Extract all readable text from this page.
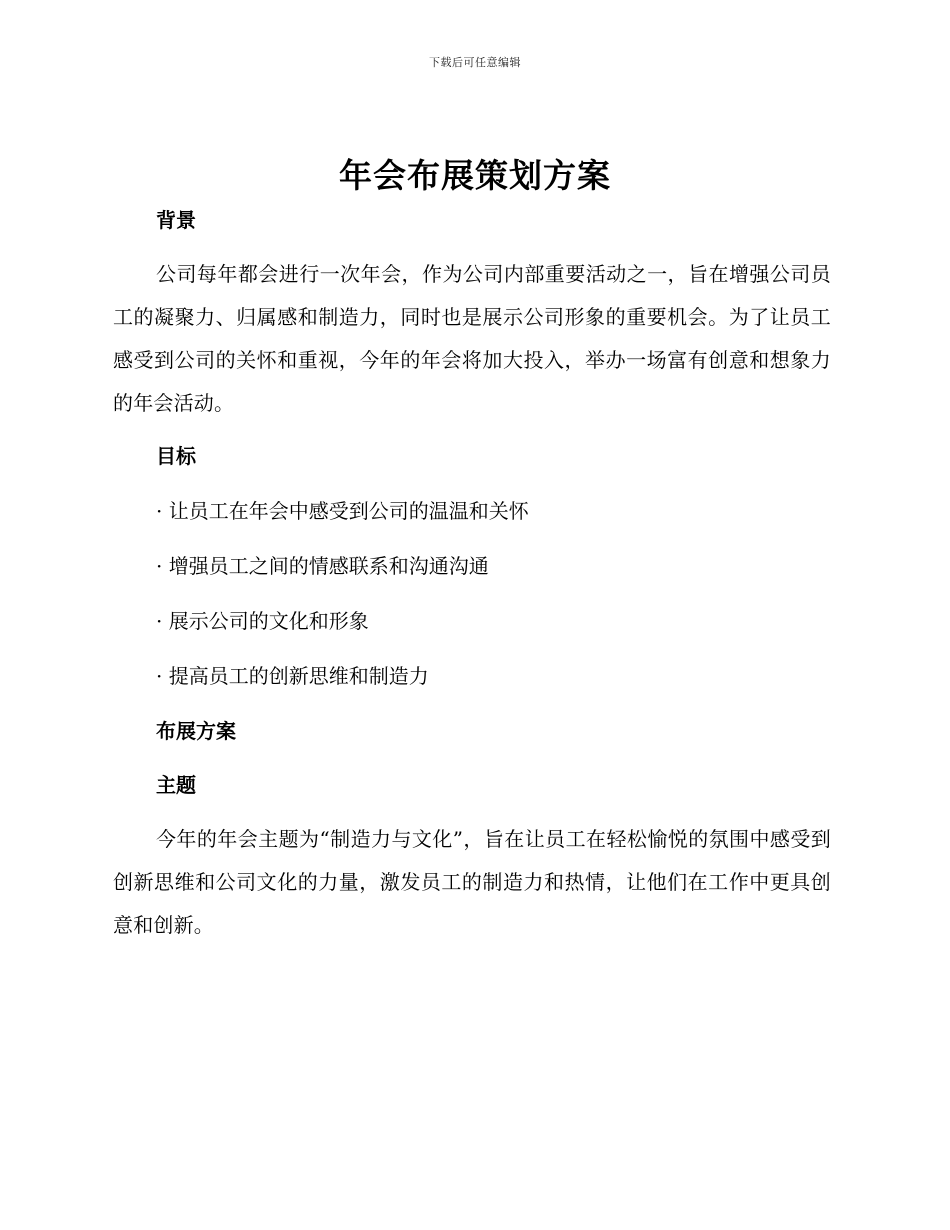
下载后可任意编辑
年会布展策划方案
背景
公司每年都会进行一次年会，作为公司内部重要活动之一，旨在增强公司员工的凝聚力、归属感和制造力，同时也是展示公司形象的重要机会。为了让员工感受到公司的关怀和重视，今年的年会将加大投入，举办一场富有创意和想象力的年会活动。
目标
· 让员工在年会中感受到公司的温温和关怀
· 增强员工之间的情感联系和沟通沟通
· 展示公司的文化和形象
· 提高员工的创新思维和制造力
布展方案
主题
今年的年会主题为“制造力与文化”，旨在让员工在轻松愉悦的氛围中感受到创新思维和公司文化的力量，激发员工的制造力和热情，让他们在工作中更具创意和创新。
